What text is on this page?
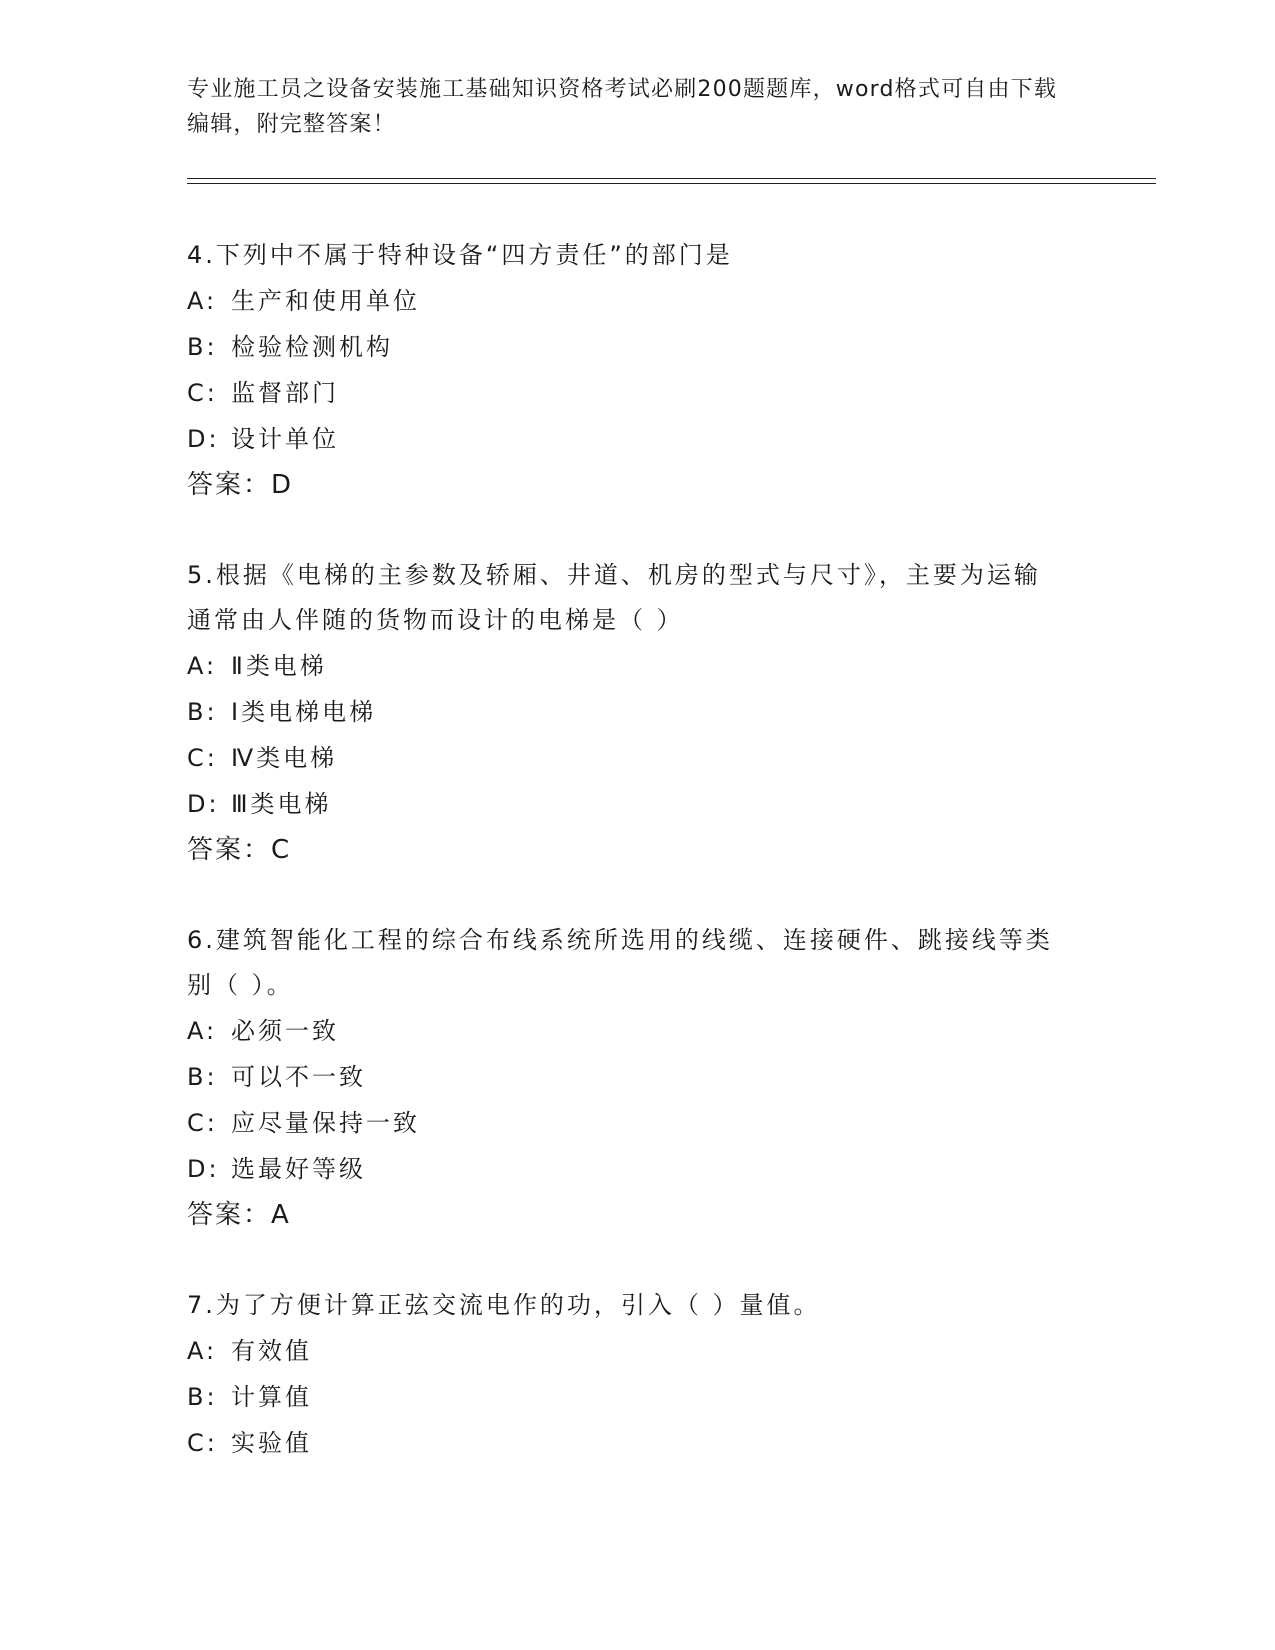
专业施工员之设备安装施工基础知识资格考试必刷200题题库，word格式可自由下载编辑，附完整答案！
4.下列中不属于特种设备“四方责任”的部门是
A: 生产和使用单位
B: 检验检测机构
C: 监督部门
D: 设计单位
答案：D
5.根据《电梯的主参数及轿厢、井道、机房的型式与尺寸》，主要为运输通常由人伴随的货物而设计的电梯是（ ）
A: Ⅱ类电梯
B: Ⅰ类电梯电梯
C: Ⅳ类电梯
D: Ⅲ类电梯
答案：C
6.建筑智能化工程的综合布线系统所选用的线缆、连接硬件、跳接线等类别（ ）。
A: 必须一致
B: 可以不一致
C: 应尽量保持一致
D: 选最好等级
答案：A
7.为了方便计算正弦交流电作的功，引入（ ）量值。
A: 有效值
B: 计算值
C: 实验值
